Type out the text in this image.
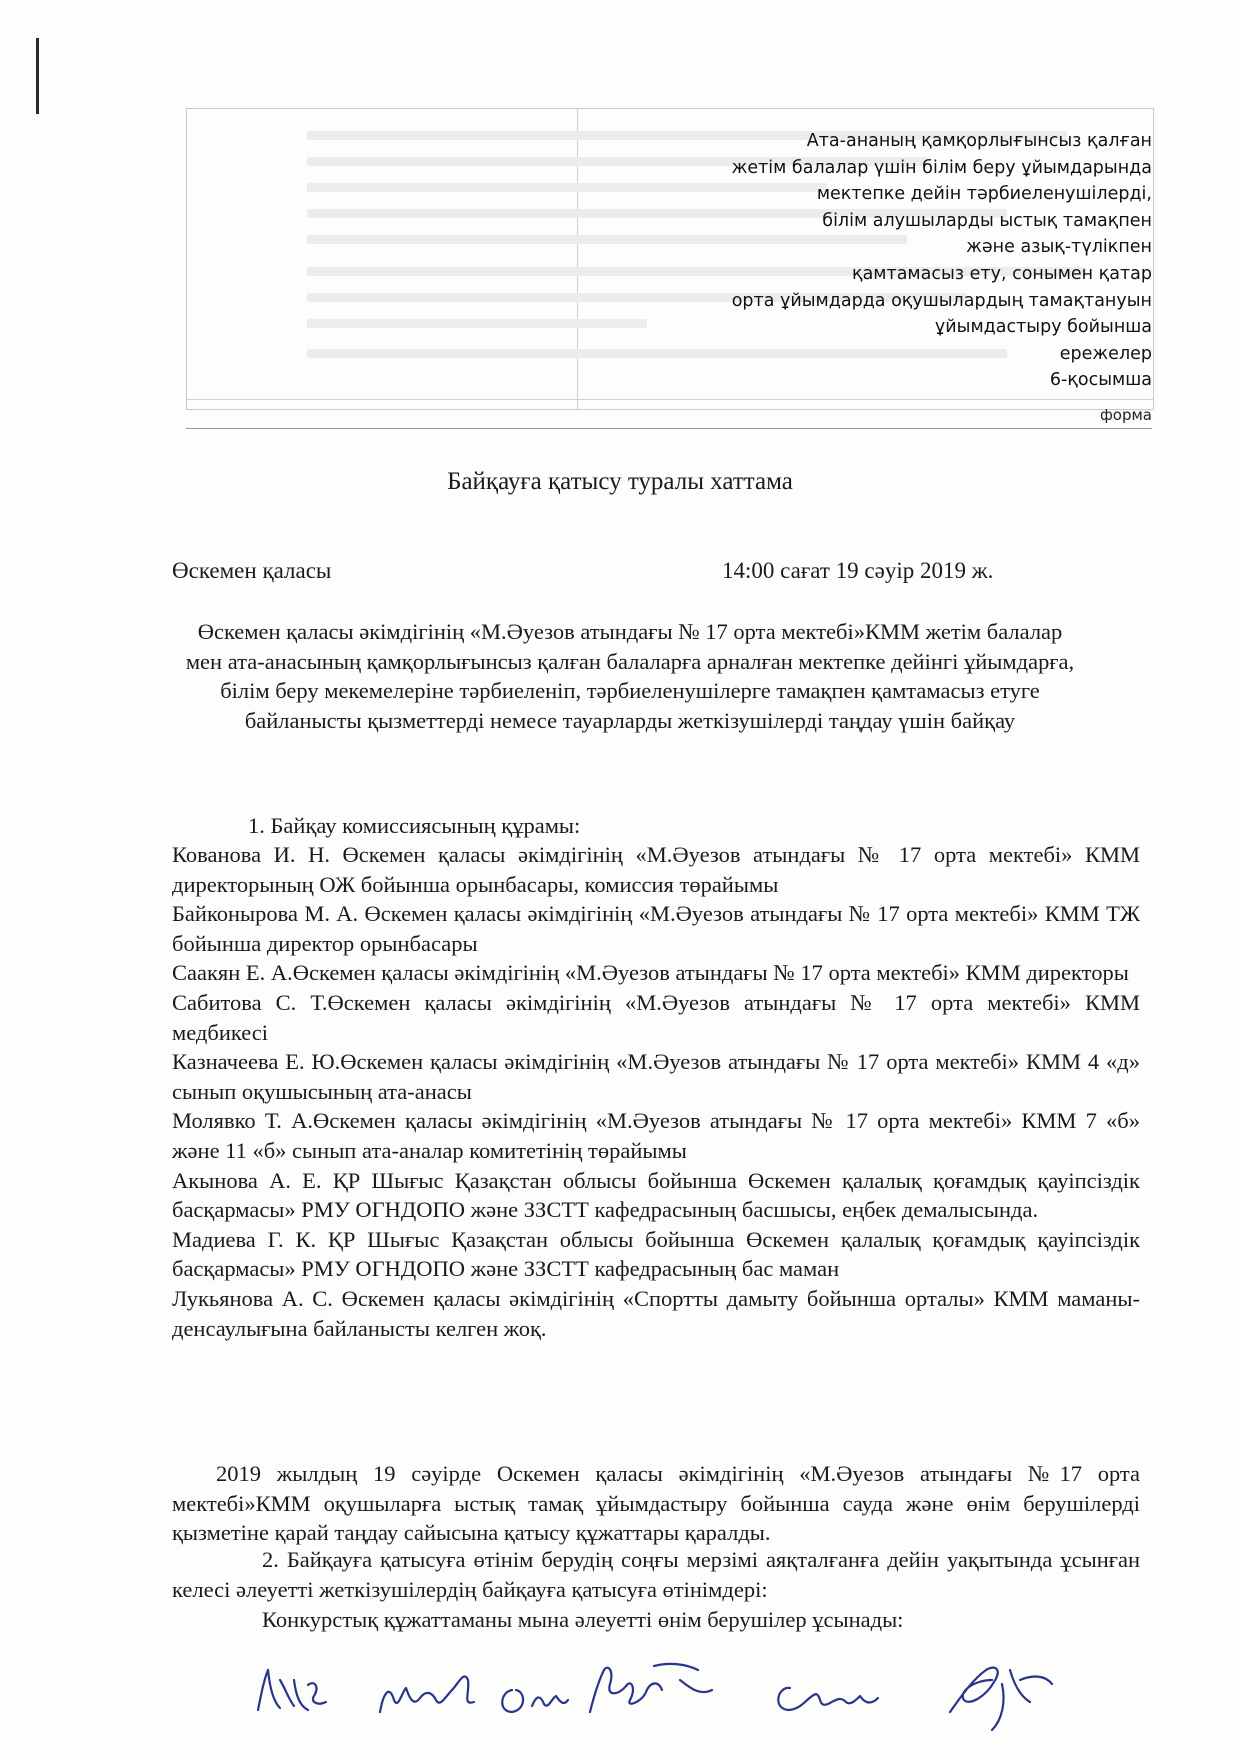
Ата-ананың қамқорлығынсыз қалған
жетім балалар үшін білім беру ұйымдарында
мектепке дейін тәрбиеленушілерді,
білім алушыларды ыстық тамақпен
және азық-түлікпен
қамтамасыз ету, сонымен қатар
орта ұйымдарда оқушылардың тамақтануын
ұйымдастыру бойынша
ережелер
6-қосымша
форма
Байқауға қатысу туралы хаттама
Өскемен қаласы	14:00 сағат 19 сәуір 2019 ж.
Өскемен қаласы әкімдігінің «М.Әуезов атындағы № 17 орта мектебі»КММ жетім балалар мен ата-анасының қамқорлығынсыз қалған балаларға арналған мектепке дейінгі ұйымдарға, білім беру мекемелеріне тәрбиеленіп, тәрбиеленушілерге тамақпен қамтамасыз етуге байланысты қызметтерді немесе тауарларды жеткізушілерді таңдау үшін байқау
1. Байқау комиссиясының құрамы:

Кованова И. Н. Өскемен қаласы әкімдігінің «М.Әуезов атындағы № 17 орта мектебі» КММ директорының ОЖ бойынша орынбасары, комиссия төрайымы

Байконырова М. А. Өскемен қаласы әкімдігінің «М.Әуезов атындағы № 17 орта мектебі» КММ ТЖ бойынша директор орынбасары

Саакян Е. А.Өскемен қаласы әкімдігінің «М.Әуезов атындағы № 17 орта мектебі» КММ директоры

Сабитова С. Т.Өскемен қаласы әкімдігінің «М.Әуезов атындағы № 17 орта мектебі» КММ медбикесі

Казначеева Е. Ю.Өскемен қаласы әкімдігінің «М.Әуезов атындағы № 17 орта мектебі» КММ 4 «д» сынып оқушысының ата-анасы

Молявко Т. А.Өскемен қаласы әкімдігінің «М.Әуезов атындағы № 17 орта мектебі» КММ 7 «б» және 11 «б» сынып ата-аналар комитетінің төрайымы

Акынова А. Е. ҚР Шығыс Қазақстан облысы бойынша Өскемен қалалық қоғамдық қауіпсіздік басқармасы» РМУ ОГНДОПО және ЗЗСТТ кафедрасының басшысы, еңбек демалысында.

Мадиева Г. К. ҚР Шығыс Қазақстан облысы бойынша Өскемен қалалық қоғамдық қауіпсіздік басқармасы» РМУ ОГНДОПО және ЗЗСТТ кафедрасының бас маман

Лукьянова А. С. Өскемен қаласы әкімдігінің «Спортты дамыту бойынша орталы» КММ маманы-денсаулығына байланысты келген жоқ.

2019 жылдың 19 сәуірде Оскемен қаласы әкімдігінің «М.Әуезов атындағы №17 орта мектебі»КММ оқушыларға ыстық тамақ ұйымдастыру бойынша сауда және өнім берушілерді қызметіне қарай таңдау сайысына қатысу құжаттары қаралды.
2. Байқауға қатысуға өтінім берудің соңғы мерзімі аяқталғанға дейін уақытында ұсынған келесі әлеуетті жеткізушілердің байқауға қатысуға өтінімдері:
Конкурстық құжаттаманы мына әлеуетті өнім берушілер ұсынады:
